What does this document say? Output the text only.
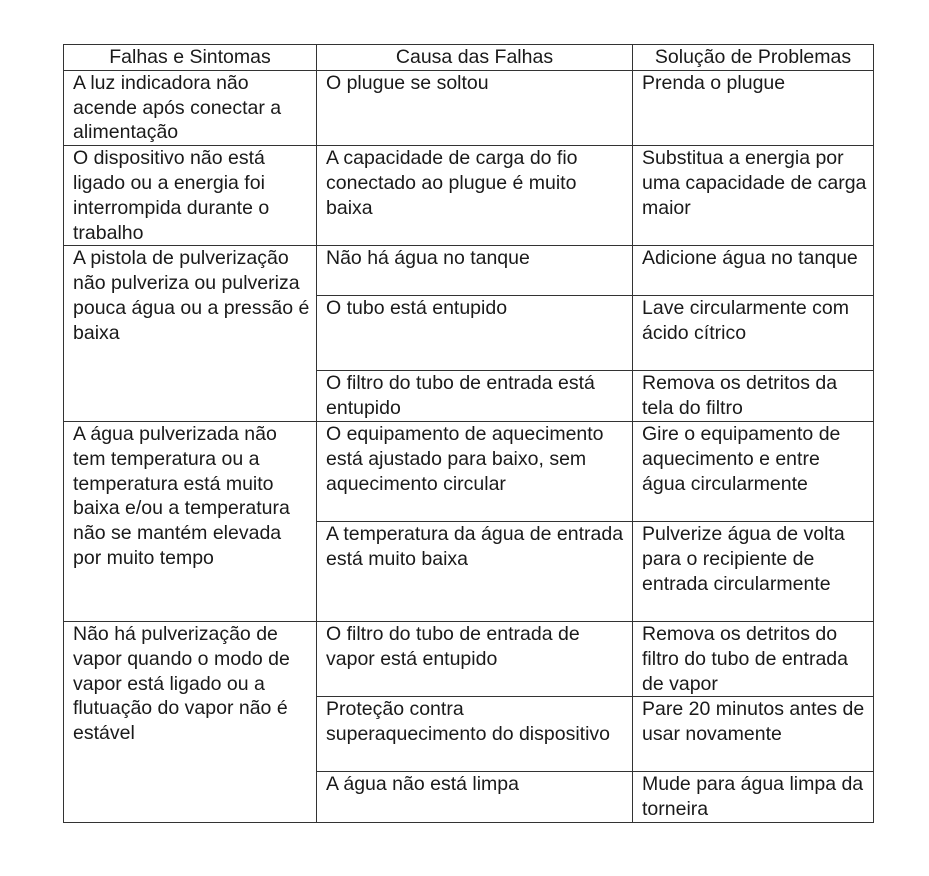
Falhas e Sintomas	Causa das Falhas	Solução de Problemas
A luz indicadora não acende após conectar a alimentação	O plugue se soltou	Prenda o plugue
O dispositivo não está ligado ou a energia foi interrompida durante o trabalho	A capacidade de carga do fio conectado ao plugue é muito baixa	Substitua a energia por uma capacidade de carga maior
A pistola de pulverização não pulveriza ou pulveriza pouca água ou a pressão é baixa	Não há água no tanque	Adicione água no tanque
	O tubo está entupido	Lave circularmente com ácido cítrico
	O filtro do tubo de entrada está entupido	Remova os detritos da tela do filtro
A água pulverizada não tem temperatura ou a temperatura está muito baixa e/ou a temperatura não se mantém elevada por muito tempo	O equipamento de aquecimento está ajustado para baixo, sem aquecimento circular	Gire o equipamento de aquecimento e entre água circularmente
	A temperatura da água de entrada está muito baixa	Pulverize água de volta para o recipiente de entrada circularmente
Não há pulverização de vapor quando o modo de vapor está ligado ou a flutuação do vapor não é estável	O filtro do tubo de entrada de vapor está entupido	Remova os detritos do filtro do tubo de entrada de vapor
	Proteção contra superaquecimento do dispositivo	Pare 20 minutos antes de usar novamente
	A água não está limpa	Mude para água limpa da torneira
